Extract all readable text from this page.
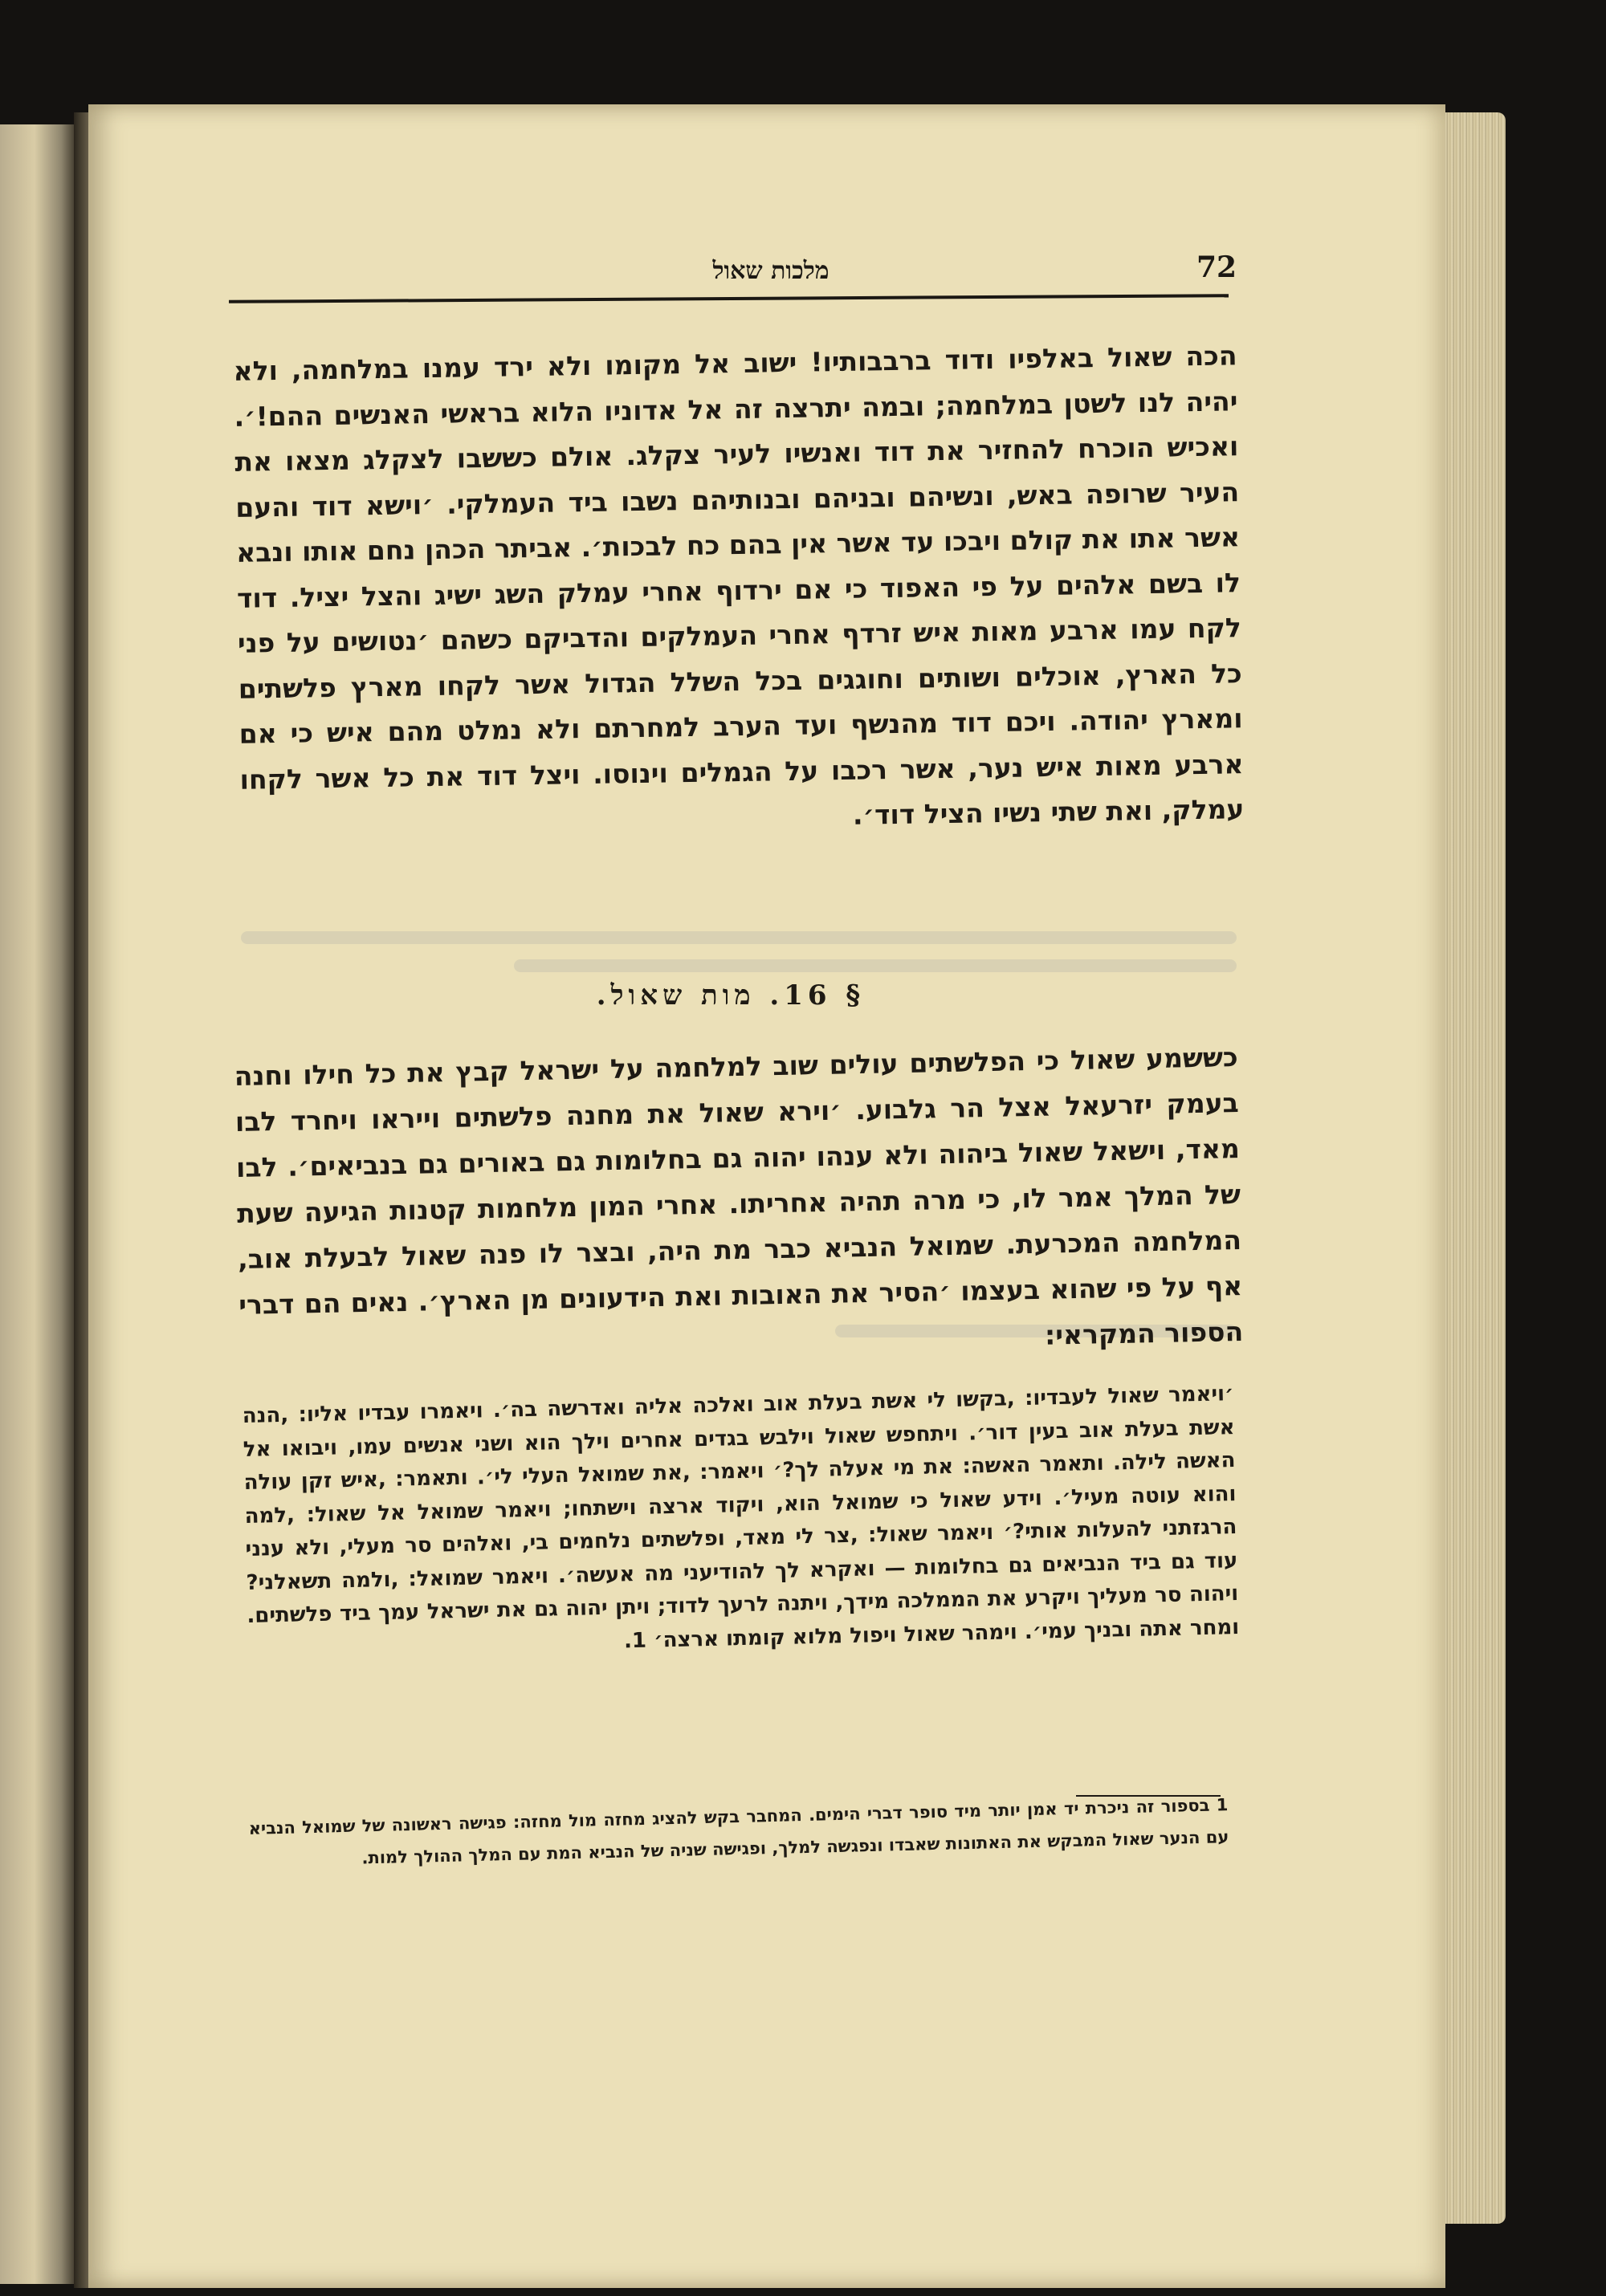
72
מלכות שאול
הכה שאול באלפיו ודוד ברבבותיו! ישוב אל מקומו ולא ירד עמנו במלחמה, ולא יהיה לנו לשטן במלחמה; ובמה יתרצה זה אל אדוניו הלוא בראשי האנשים ההם!׳. ואכיש הוכרח להחזיר את דוד ואנשיו לעיר צקלג. אולם כששבו לצקלג מצאו את העיר שרופה באש, ונשיהם ובניהם ובנותיהם נשבו ביד העמלקי. ׳וישא דוד והעם אשר אתו את קולם ויבכו עד אשר אין בהם כח לבכות׳. אביתר הכהן נחם אותו ונבא לו בשם אלהים על פי האפוד כי אם ירדוף אחרי עמלק השג ישיג והצל יציל. דוד לקח עמו ארבע מאות איש זרדף אחרי העמלקים והדביקם כשהם ׳נטושים על פני כל הארץ, אוכלים ושותים וחוגגים בכל השלל הגדול אשר לקחו מארץ פלשתים ומארץ יהודה. ויכם דוד מהנשף ועד הערב למחרתם ולא נמלט מהם איש כי אם ארבע מאות איש נער, אשר רכבו על הגמלים וינוסו. ויצל דוד את כל אשר לקחו עמלק, ואת שתי נשיו הציל דוד׳.
§ 16. מות שאול.
כששמע שאול כי הפלשתים עולים שוב למלחמה על ישראל קבץ את כל חילו וחנה בעמק יזרעאל אצל הר גלבוע. ׳וירא שאול את מחנה פלשתים וייראו ויחרד לבו מאד, וישאל שאול ביהוה ולא ענהו יהוה גם בחלומות גם באורים גם בנביאים׳. לבו של המלך אמר לו, כי מרה תהיה אחריתו. אחרי המון מלחמות קטנות הגיעה שעת המלחמה המכרעת. שמואל הנביא כבר מת היה, ובצר לו פנה שאול לבעלת אוב, אף על פי שהוא בעצמו ׳הסיר את האובות ואת הידעונים מן הארץ׳. נאים הם דברי הספור המקראי:
׳ויאמר שאול לעבדיו: ,בקשו לי אשת בעלת אוב ואלכה אליה ואדרשה בה׳. ויאמרו עבדיו אליו: ,הנה אשת בעלת אוב בעין דור׳. ויתחפש שאול וילבש בגדים אחרים וילך הוא ושני אנשים עמו, ויבואו אל האשה לילה. ותאמר האשה: את מי אעלה לך?׳ ויאמר: ,את שמואל העלי לי׳. ותאמר: ,איש זקן עולה והוא עוטה מעיל׳. וידע שאול כי שמואל הוא, ויקוד ארצה וישתחו; ויאמר שמואל אל שאול: ,למה הרגזתני להעלות אותי?׳ ויאמר שאול: ,צר לי מאד, ופלשתים נלחמים בי, ואלהים סר מעלי, ולא ענני עוד גם ביד הנביאים גם בחלומות — ואקרא לך להודיעני מה אעשה׳. ויאמר שמואל: ,ולמה תשאלני? ויהוה סר מעליך ויקרע את הממלכה מידך, ויתנה לרעך לדוד; ויתן יהוה גם את ישראל עמך ביד פלשתים. ומחר אתה ובניך עמי׳. וימהר שאול ויפול מלוא קומתו ארצה׳ 1.
1 בספור זה ניכרת יד אמן יותר מיד סופר דברי הימים. המחבר בקש להציג מחזה מול מחזה: פגישה ראשונה של שמואל הנביא עם הנער שאול המבקש את האתונות שאבדו ונפגשה למלך, ופגישה שניה של הנביא המת עם המלך ההולך למות.
